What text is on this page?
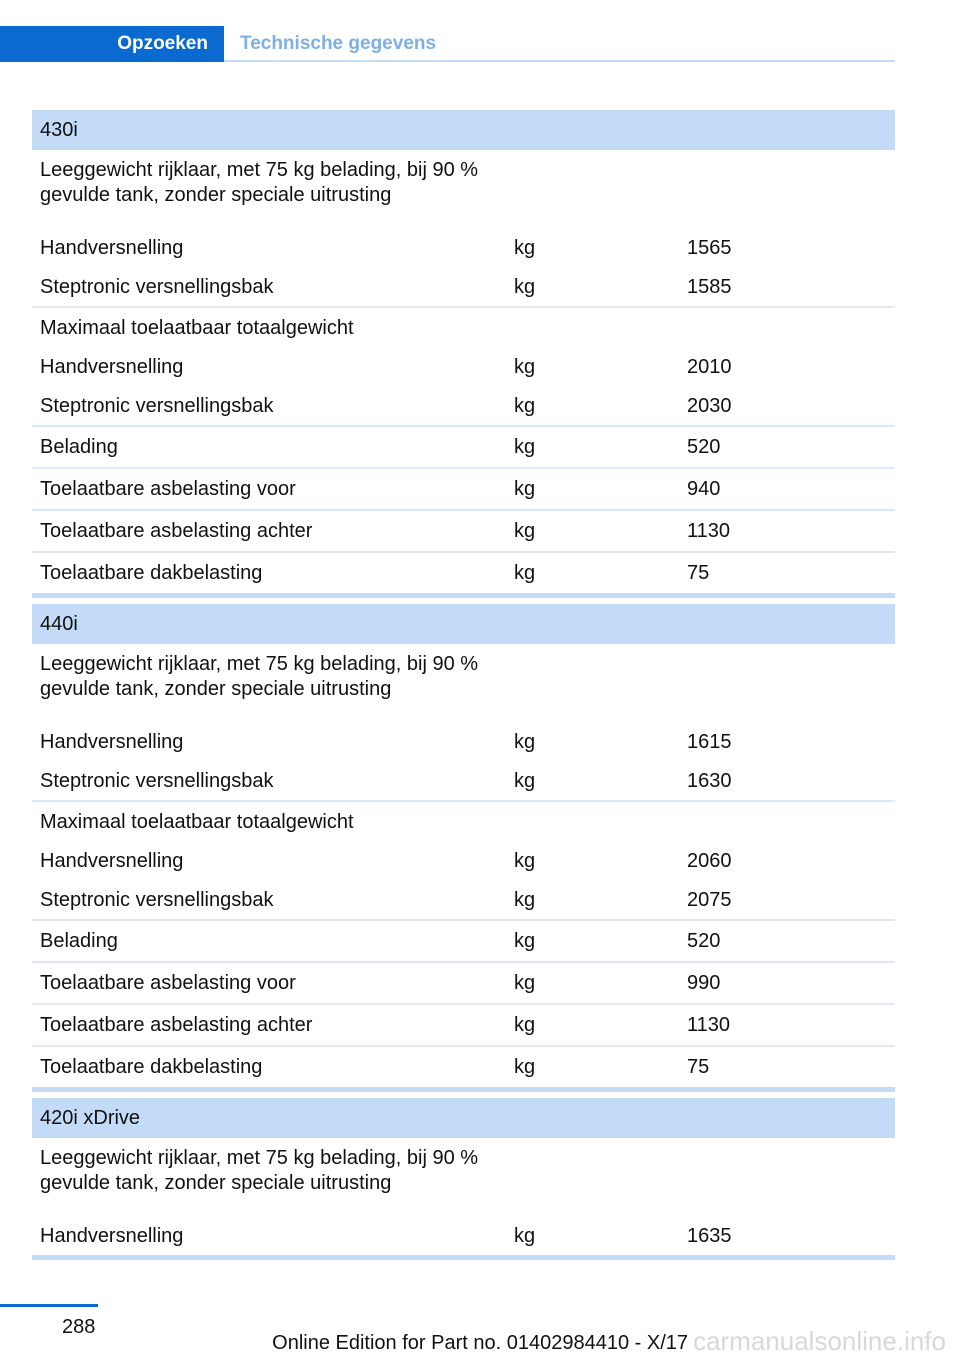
Opzoeken	Technische gegevens
430i
Leeggewicht rijklaar, met 75 kg belading, bij 90 % gevulde tank, zonder speciale uitrusting
Handversnelling	kg	1565
Steptronic versnellingsbak	kg	1585
Maximaal toelaatbaar totaalgewicht
Handversnelling	kg	2010
Steptronic versnellingsbak	kg	2030
Belading	kg	520
Toelaatbare asbelasting voor	kg	940
Toelaatbare asbelasting achter	kg	1130
Toelaatbare dakbelasting	kg	75
440i
Leeggewicht rijklaar, met 75 kg belading, bij 90 % gevulde tank, zonder speciale uitrusting
Handversnelling	kg	1615
Steptronic versnellingsbak	kg	1630
Maximaal toelaatbaar totaalgewicht
Handversnelling	kg	2060
Steptronic versnellingsbak	kg	2075
Belading	kg	520
Toelaatbare asbelasting voor	kg	990
Toelaatbare asbelasting achter	kg	1130
Toelaatbare dakbelasting	kg	75
420i xDrive
Leeggewicht rijklaar, met 75 kg belading, bij 90 % gevulde tank, zonder speciale uitrusting
Handversnelling	kg	1635
288	carmanualsonline.info
Online Edition for Part no. 01402984410 - X/17
